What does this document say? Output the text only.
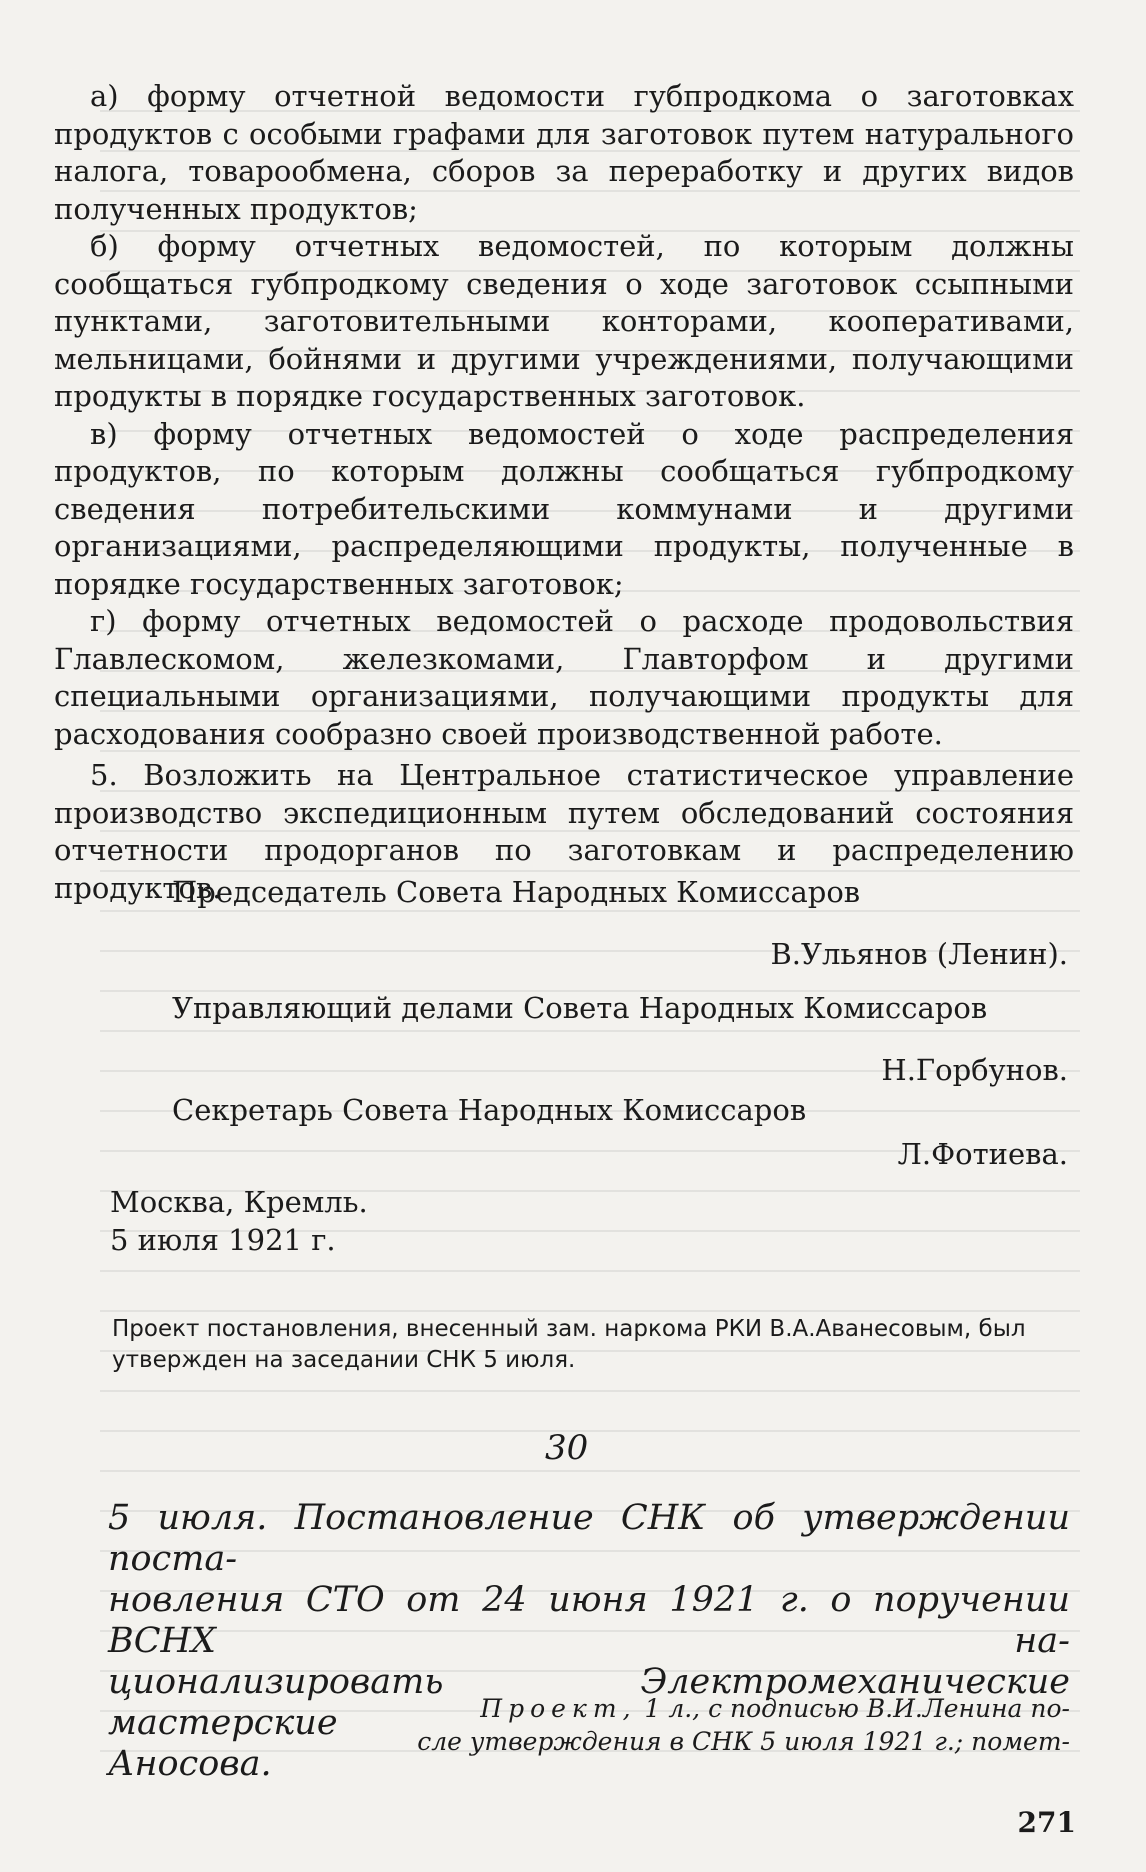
а) форму отчетной ведомости губпродкома о заготовках продуктов с особыми графами для заготовок путем натурального налога, товарообмена, сборов за переработку и других видов полученных продуктов;

б) форму отчетных ведомостей, по которым должны сообщаться губпродкому сведения о ходе заготовок ссыпными пунктами, заготовительными конторами, кооперативами, мельницами, бойнями и другими учреждениями, получающими продукты в порядке государственных заготовок.

в) форму отчетных ведомостей о ходе распределения продуктов, по которым должны сообщаться губпродкому сведения потребительскими коммунами и другими организациями, распределяющими продукты, полученные в порядке государственных заготовок;

г) форму отчетных ведомостей о расходе продовольствия Главлескомом, железкомами, Главторфом и другими специальными организациями, получающими продукты для расходования сообразно своей производственной работе.

5. Возложить на Центральное статистическое управление производство экспедиционным путем обследований состояния отчетности продорганов по заготовкам и распределению продуктов.

Председатель Совета Народных Комиссаров
В.Ульянов (Ленин).
Управляющий делами Совета Народных Комиссаров
Н.Горбунов.
Секретарь Совета Народных Комиссаров
Л.Фотиева.
Москва, Кремль.
5 июля 1921 г.
Проект постановления, внесенный зам. наркома РКИ В.А.Аванесовым, был утвержден на заседании СНК 5 июля.
30
5 июля. Постановление СНК об утверждении поста-
новления СТО от 24 июня 1921 г. о поручении ВСНХ на-
ционализировать Электромеханические мастерские
Аносова.
Проект, 1 л., с подписью В.И.Ленина по-
сле утверждения в СНК 5 июля 1921 г.; помет-
271
